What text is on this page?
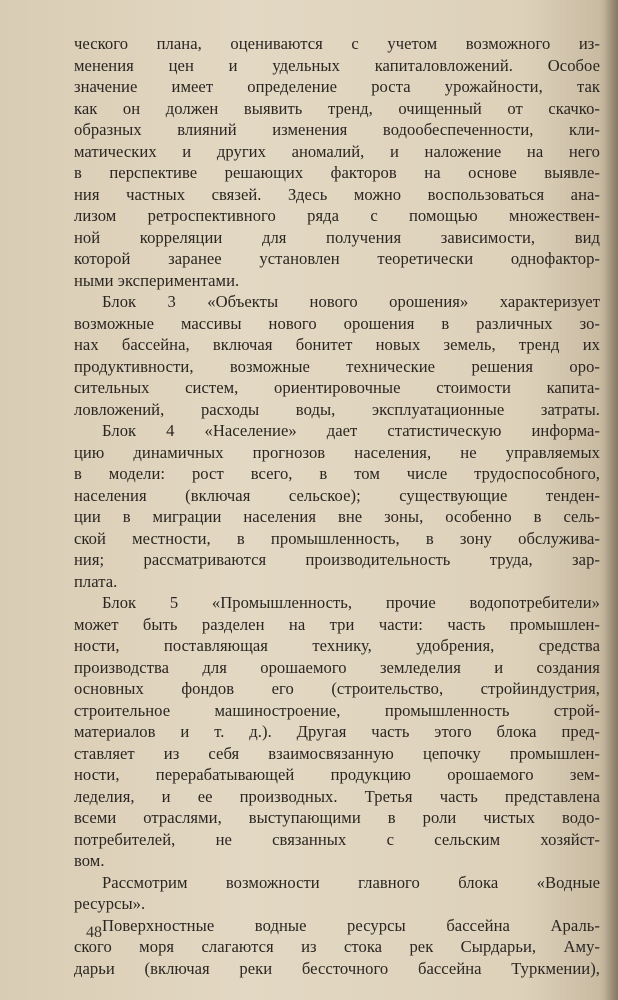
ческого плана, оцениваются с учетом возможного из-
менения цен и удельных капиталовложений. Особое
значение имеет определение роста урожайности, так
как он должен выявить тренд, очищенный от скачко-
образных влияний изменения водообеспеченности, кли-
матических и других аномалий, и наложение на него
в перспективе решающих факторов на основе выявле-
ния частных связей. Здесь можно воспользоваться ана-
лизом ретроспективного ряда с помощью множествен-
ной корреляции для получения зависимости, вид
которой заранее установлен теоретически однофактор-
ными экспериментами.
Блок 3 «Объекты нового орошения» характеризует
возможные массивы нового орошения в различных зо-
нах бассейна, включая бонитет новых земель, тренд их
продуктивности, возможные технические решения оро-
сительных систем, ориентировочные стоимости капита-
ловложений, расходы воды, эксплуатационные затраты.
Блок 4 «Население» дает статистическую информа-
цию динамичных прогнозов населения, не управляемых
в модели: рост всего, в том числе трудоспособного,
населения (включая сельское); существующие тенден-
ции в миграции населения вне зоны, особенно в сель-
ской местности, в промышленность, в зону обслужива-
ния; рассматриваются производительность труда, зар-
плата.
Блок 5 «Промышленность, прочие водопотребители»
может быть разделен на три части: часть промышлен-
ности, поставляющая технику, удобрения, средства
производства для орошаемого земледелия и создания
основных фондов его (строительство, стройиндустрия,
строительное машиностроение, промышленность строй-
материалов и т. д.). Другая часть этого блока пред-
ставляет из себя взаимосвязанную цепочку промышлен-
ности, перерабатывающей продукцию орошаемого зем-
леделия, и ее производных. Третья часть представлена
всеми отраслями, выступающими в роли чистых водо-
потребителей, не связанных с сельским хозяйст-
вом.
Рассмотрим возможности главного блока «Водные
ресурсы».
Поверхностные водные ресурсы бассейна Араль-
ского моря слагаются из стока рек Сырдарьи, Аму-
дарьи (включая реки бессточного бассейна Туркмении),
48
